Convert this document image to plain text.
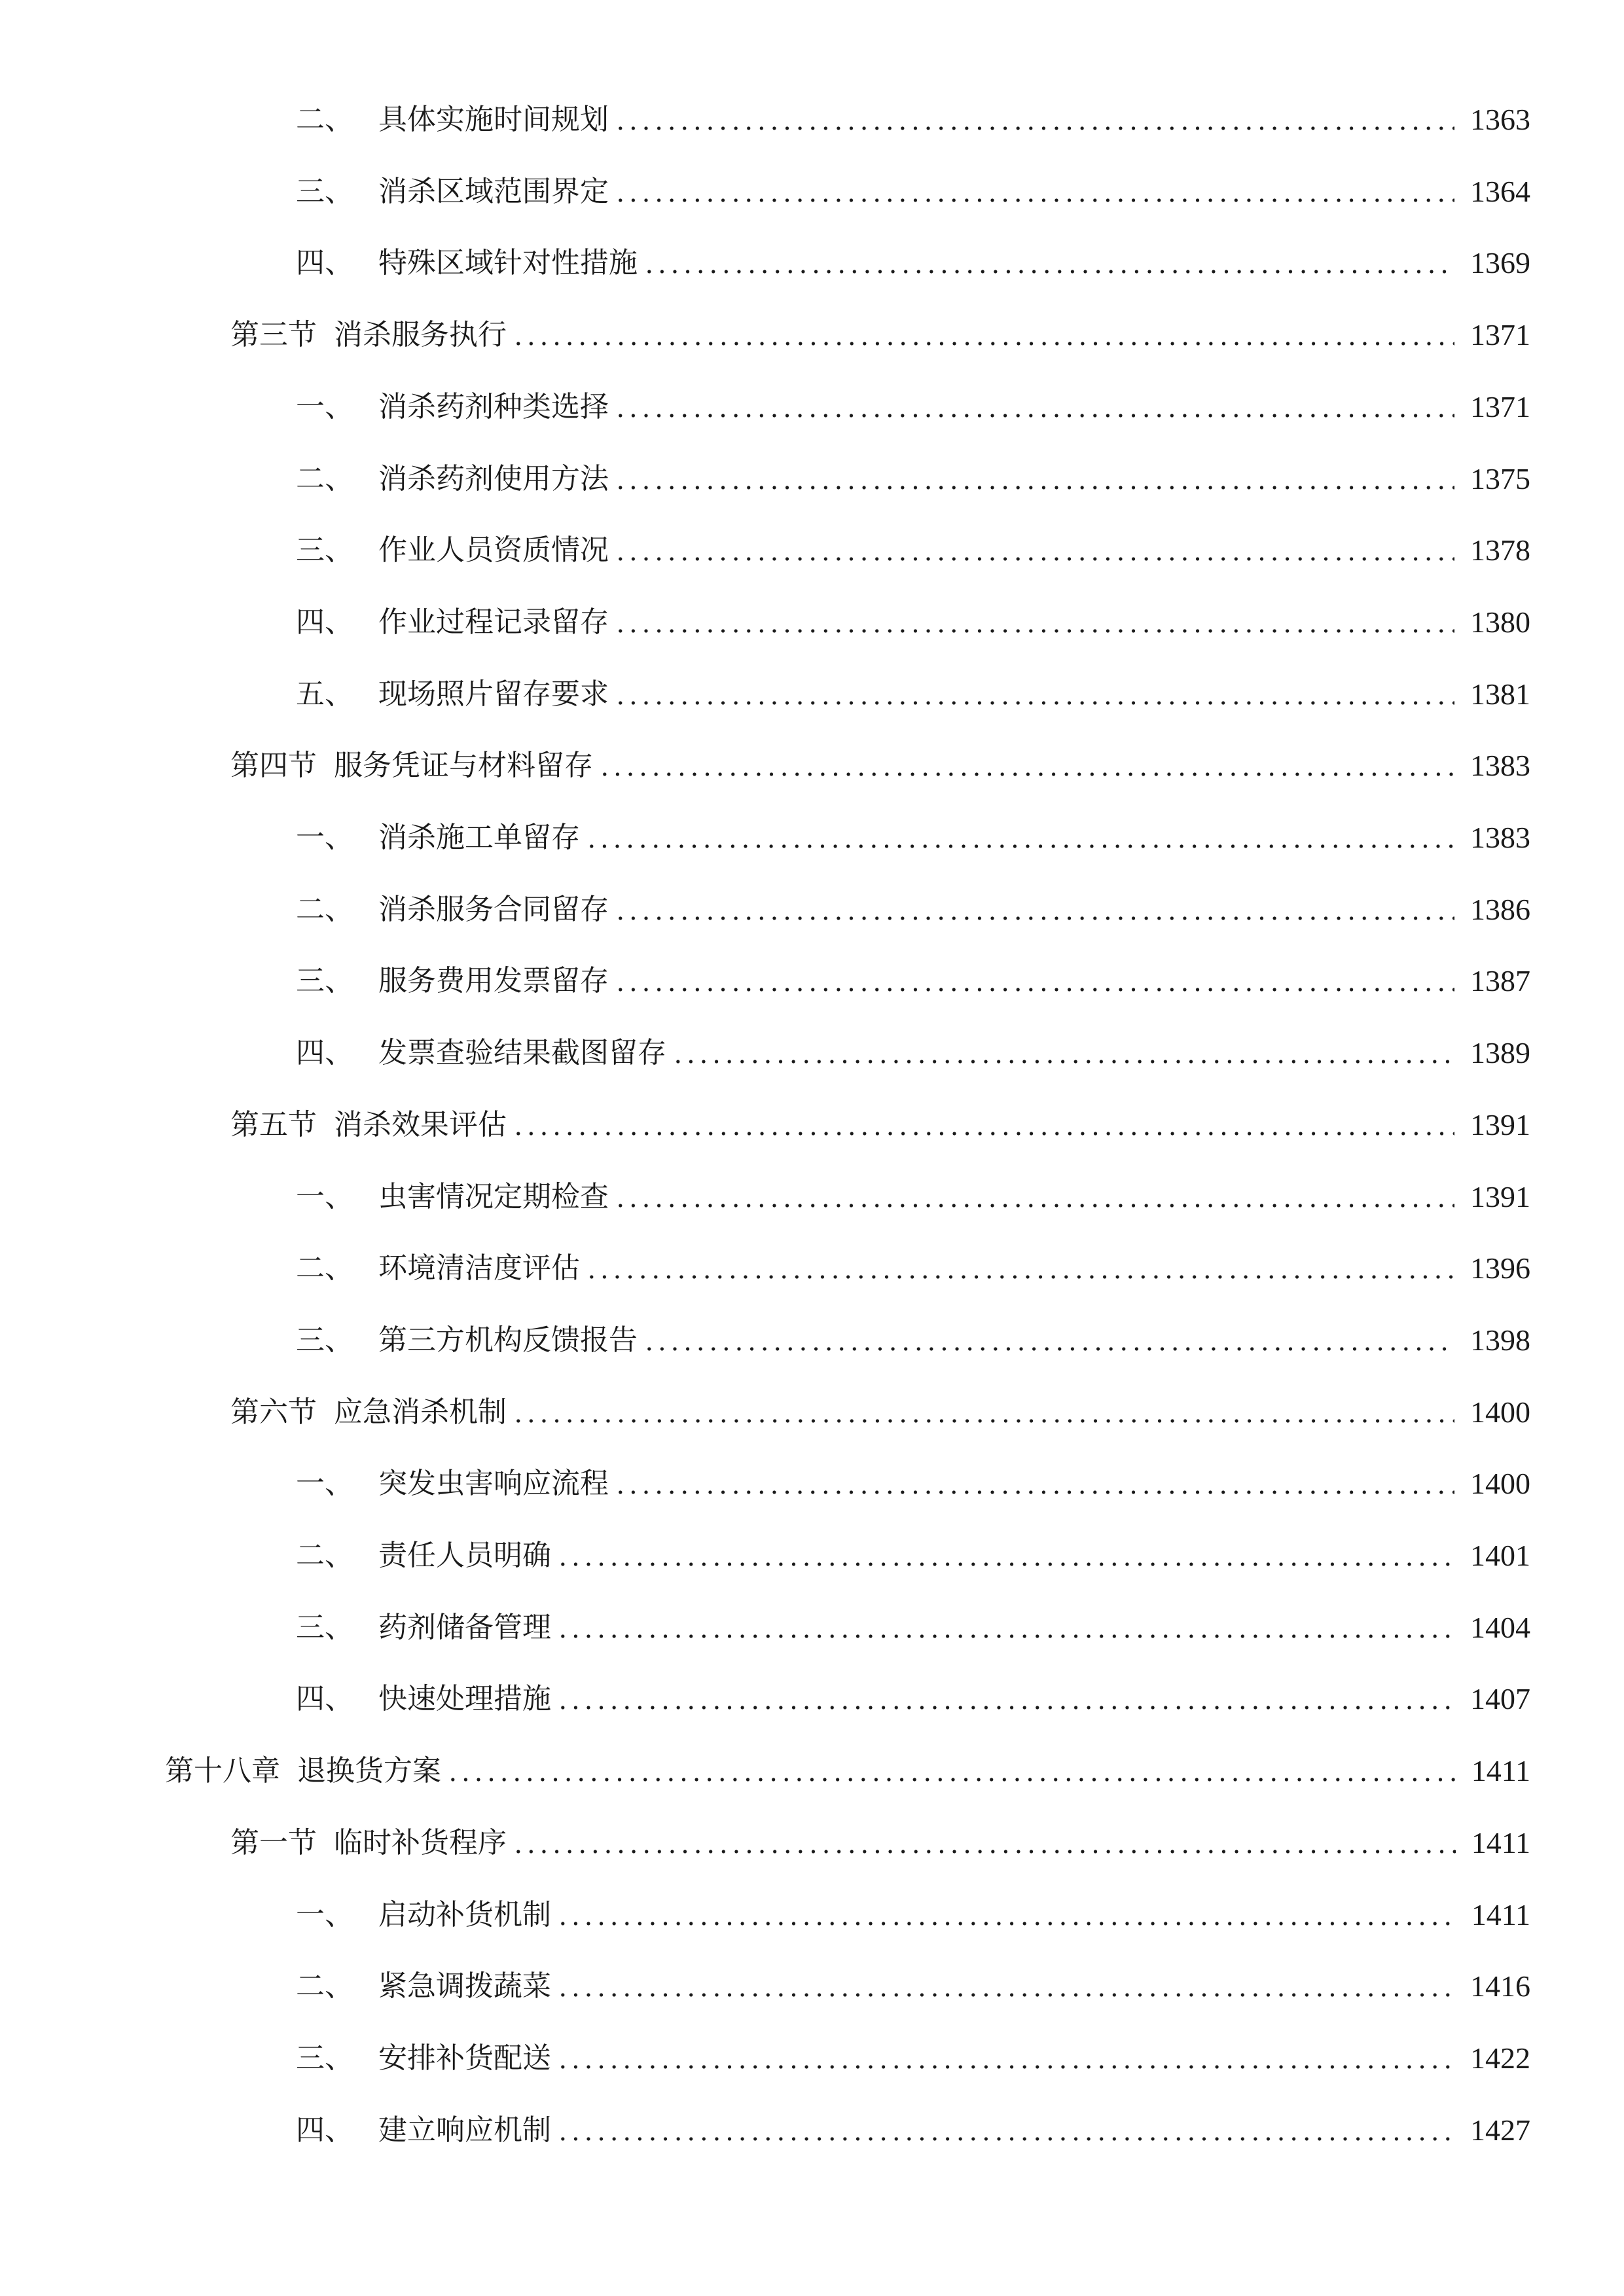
二、 具体实施时间规划	1363
三、 消杀区域范围界定	1364
四、 特殊区域针对性措施	1369
第三节 消杀服务执行	1371
一、 消杀药剂种类选择	1371
二、 消杀药剂使用方法	1375
三、 作业人员资质情况	1378
四、 作业过程记录留存	1380
五、 现场照片留存要求	1381
第四节 服务凭证与材料留存	1383
一、 消杀施工单留存	1383
二、 消杀服务合同留存	1386
三、 服务费用发票留存	1387
四、 发票查验结果截图留存	1389
第五节 消杀效果评估	1391
一、 虫害情况定期检查	1391
二、 环境清洁度评估	1396
三、 第三方机构反馈报告	1398
第六节 应急消杀机制	1400
一、 突发虫害响应流程	1400
二、 责任人员明确	1401
三、 药剂储备管理	1404
四、 快速处理措施	1407
第十八章 退换货方案	1411
第一节 临时补货程序	1411
一、 启动补货机制	1411
二、 紧急调拨蔬菜	1416
三、 安排补货配送	1422
四、 建立响应机制	1427
